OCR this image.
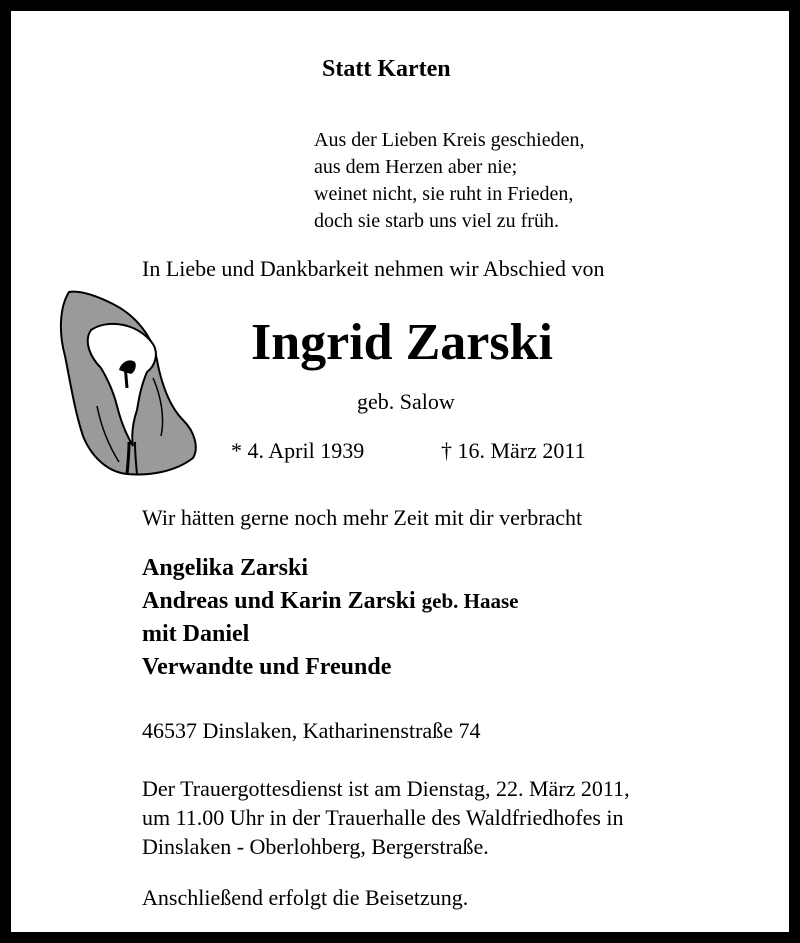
Statt Karten

Aus der Lieben Kreis geschieden,
aus dem Herzen aber nie;
weinet nicht, sie ruht in Frieden,
doch sie starb uns viel zu früh.

In Liebe und Dankbarkeit nehmen wir Abschied von

Ingrid Zarski

geb. Salow

* 4. April 1939	† 16. März 2011

Wir hätten gerne noch mehr Zeit mit dir verbracht

Angelika Zarski
Andreas und Karin Zarski geb. Haase
mit Daniel
Verwandte und Freunde

46537 Dinslaken, Katharinenstraße 74

Der Trauergottesdienst ist am Dienstag, 22. März 2011,
um 11.00 Uhr in der Trauerhalle des Waldfriedhofes in
Dinslaken - Oberlohberg, Bergerstraße.

Anschließend erfolgt die Beisetzung.
